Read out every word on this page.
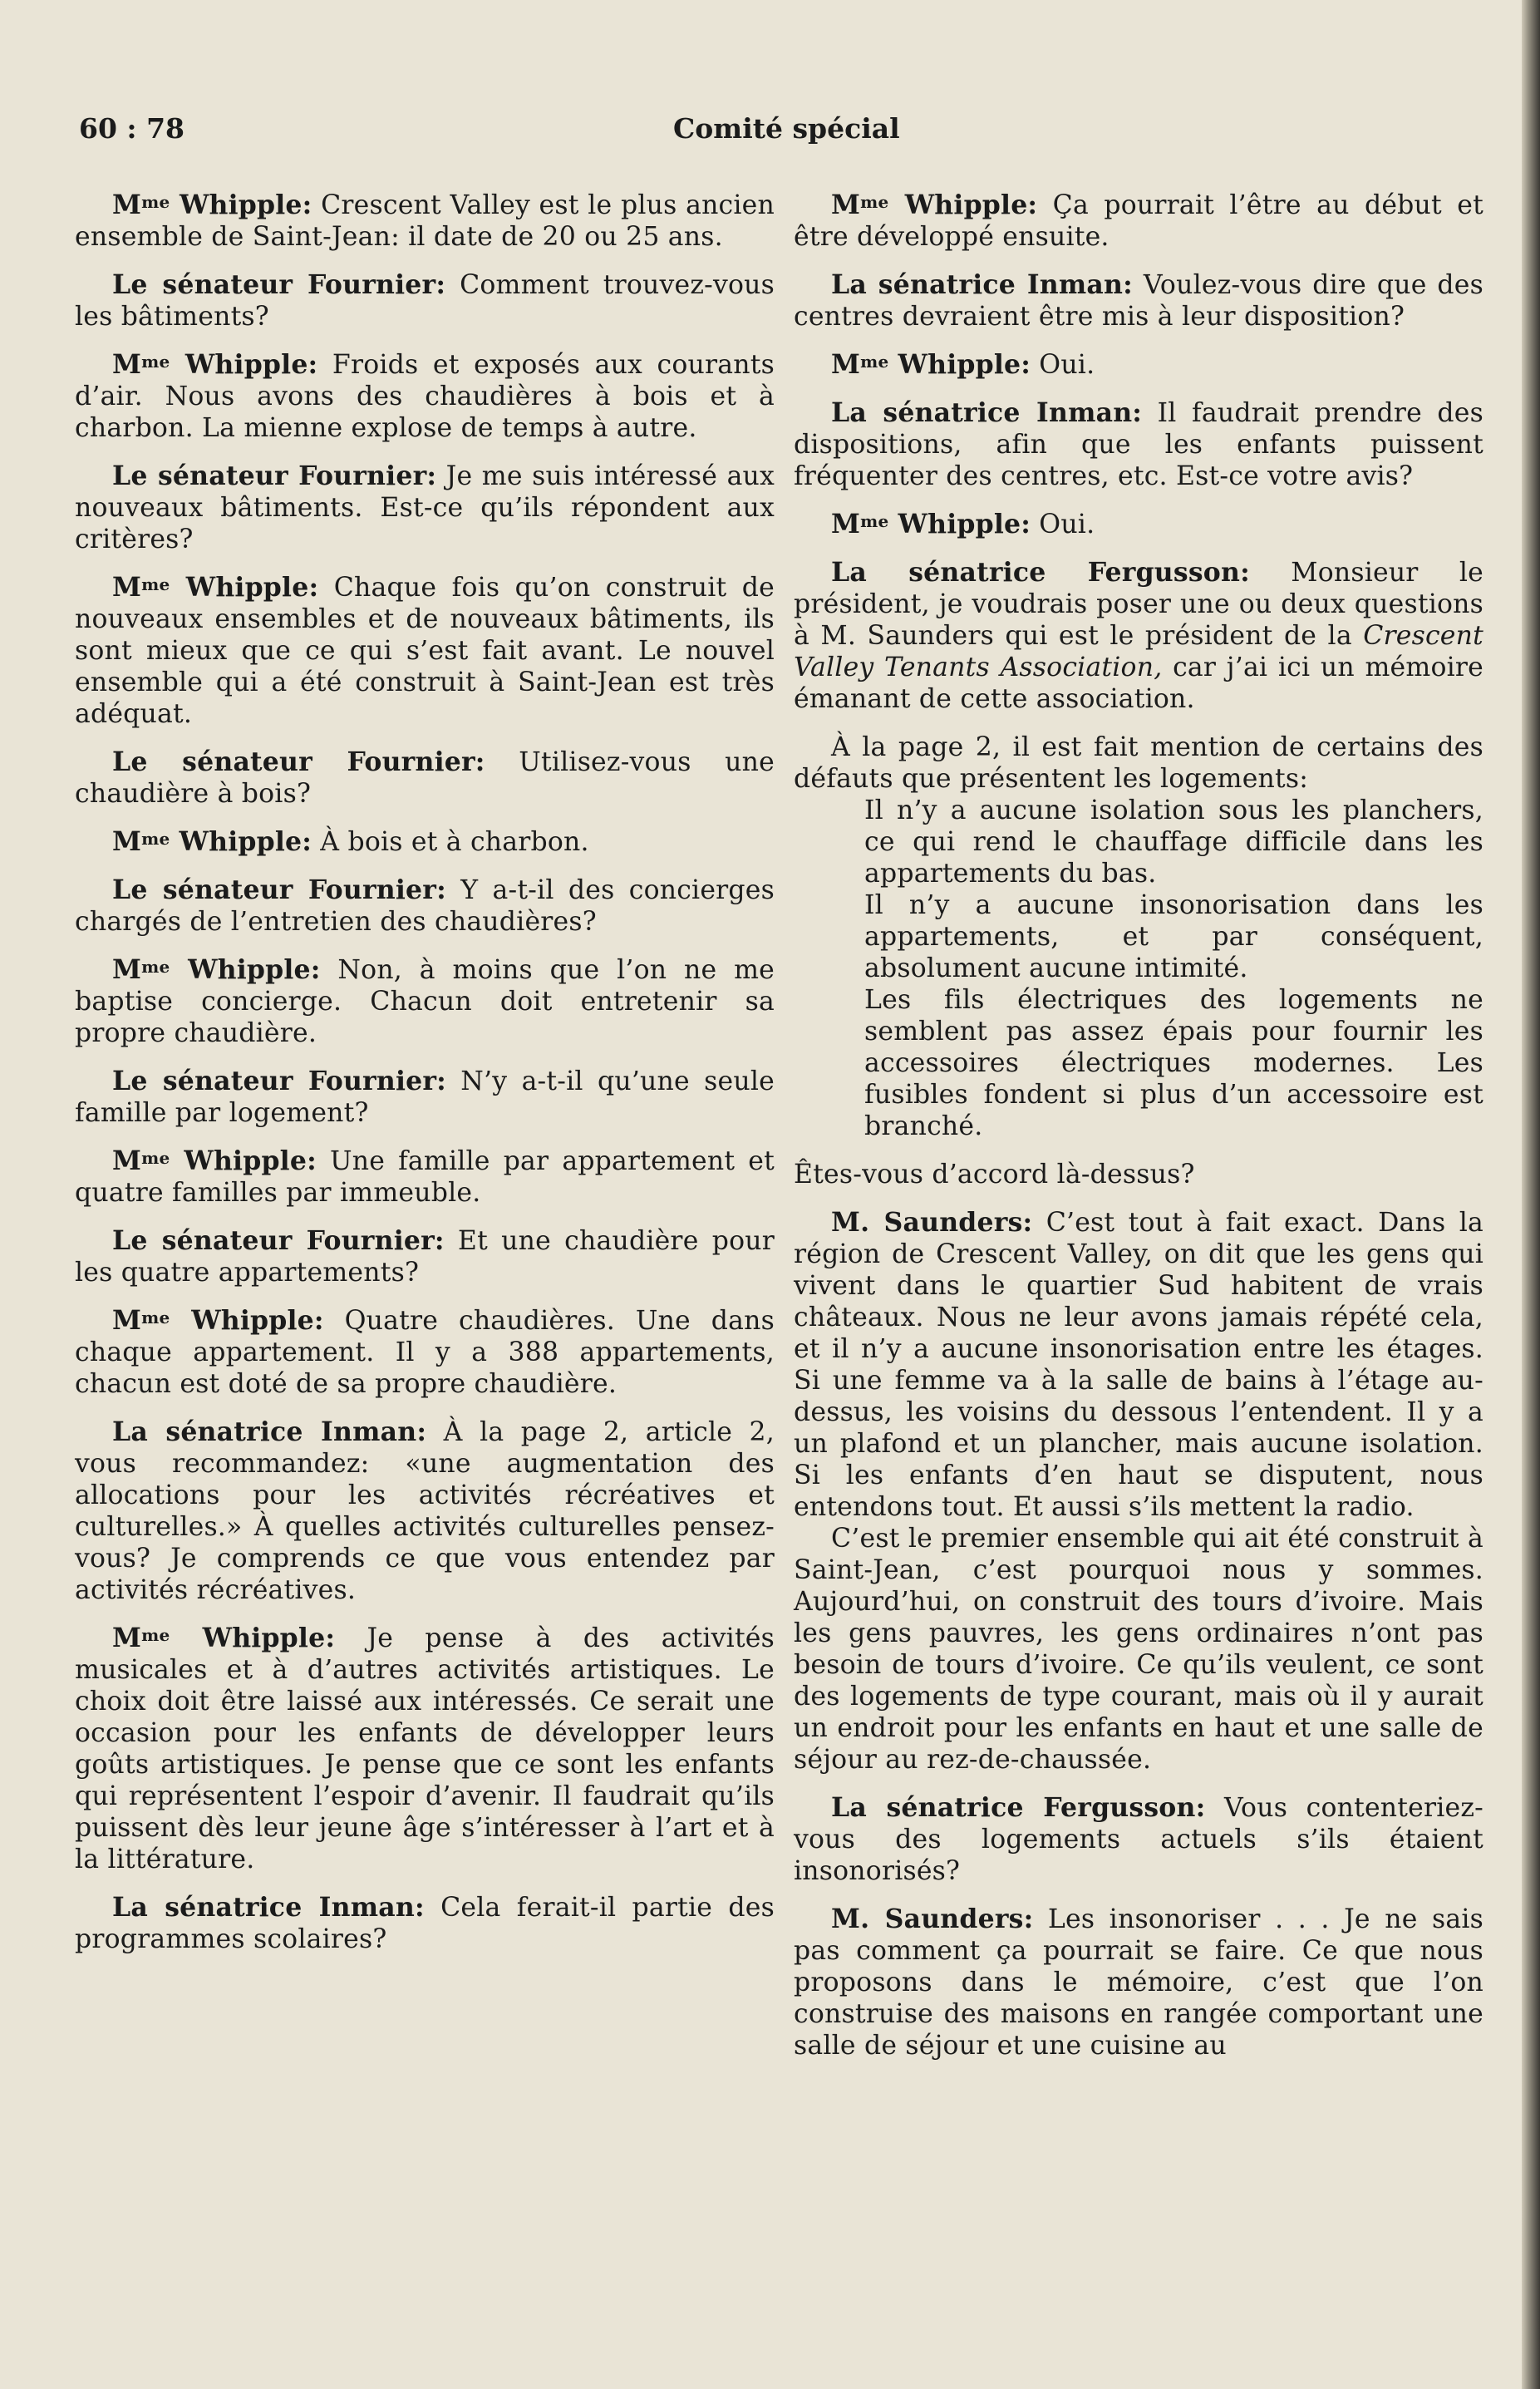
60 : 78	Comité spécial

$M^{me}$ Whipple: Crescent Valley est le plus ancien ensemble de Saint-Jean: il date de 20 ou 25 ans.

Le sénateur Fournier: Comment trouvez-vous les bâtiments?

$M^{me}$ Whipple: Froids et exposés aux courants d’air. Nous avons des chaudières à bois et à charbon. La mienne explose de temps à autre.

Le sénateur Fournier: Je me suis intéressé aux nouveaux bâtiments. Est-ce qu’ils répondent aux critères?

$M^{me}$ Whipple: Chaque fois qu’on construit de nouveaux ensembles et de nouveaux bâtiments, ils sont mieux que ce qui s’est fait avant. Le nouvel ensemble qui a été construit à Saint-Jean est très adéquat.

Le sénateur Fournier: Utilisez-vous une chaudière à bois?

$M^{me}$ Whipple: À bois et à charbon.

Le sénateur Fournier: Y a-t-il des concierges chargés de l’entretien des chaudières?

$M^{me}$ Whipple: Non, à moins que l’on ne me baptise concierge. Chacun doit entretenir sa propre chaudière.

Le sénateur Fournier: N’y a-t-il qu’une seule famille par logement?

$M^{me}$ Whipple: Une famille par appartement et quatre familles par immeuble.

Le sénateur Fournier: Et une chaudière pour les quatre appartements?

$M^{me}$ Whipple: Quatre chaudières. Une dans chaque appartement. Il y a 388 appartements, chacun est doté de sa propre chaudière.

La sénatrice Inman: À la page 2, article 2, vous recommandez: «une augmentation des allocations pour les activités récréatives et culturelles.» À quelles activités culturelles pensez-vous? Je comprends ce que vous entendez par activités récréatives.

$M^{me}$ Whipple: Je pense à des activités musicales et à d’autres activités artistiques. Le choix doit être laissé aux intéressés. Ce serait une occasion pour les enfants de développer leurs goûts artistiques. Je pense que ce sont les enfants qui représentent l’espoir d’avenir. Il faudrait qu’ils puissent dès leur jeune âge s’intéresser à l’art et à la littérature.

La sénatrice Inman: Cela ferait-il partie des programmes scolaires?

$M^{me}$ Whipple: Ça pourrait l’être au début et être développé ensuite.

La sénatrice Inman: Voulez-vous dire que des centres devraient être mis à leur disposition?

$M^{me}$ Whipple: Oui.

La sénatrice Inman: Il faudrait prendre des dispositions, afin que les enfants puissent fréquenter des centres, etc. Est-ce votre avis?

$M^{me}$ Whipple: Oui.

La sénatrice Fergusson: Monsieur le président, je voudrais poser une ou deux questions à M. Saunders qui est le président de la Crescent Valley Tenants Association, car j’ai ici un mémoire émanant de cette association.

À la page 2, il est fait mention de certains des défauts que présentent les logements:

Il n’y a aucune isolation sous les planchers, ce qui rend le chauffage difficile dans les appartements du bas.

Il n’y a aucune insonorisation dans les appartements, et par conséquent, absolument aucune intimité.

Les fils électriques des logements ne semblent pas assez épais pour fournir les accessoires électriques modernes. Les fusibles fondent si plus d’un accessoire est branché.

Êtes-vous d’accord là-dessus?

M. Saunders: C’est tout à fait exact. Dans la région de Crescent Valley, on dit que les gens qui vivent dans le quartier Sud habitent de vrais châteaux. Nous ne leur avons jamais répété cela, et il n’y a aucune insonorisation entre les étages. Si une femme va à la salle de bains à l’étage au-dessus, les voisins du dessous l’entendent. Il y a un plafond et un plancher, mais aucune isolation. Si les enfants d’en haut se disputent, nous entendons tout. Et aussi s’ils mettent la radio.

C’est le premier ensemble qui ait été construit à Saint-Jean, c’est pourquoi nous y sommes. Aujourd’hui, on construit des tours d’ivoire. Mais les gens pauvres, les gens ordinaires n’ont pas besoin de tours d’ivoire. Ce qu’ils veulent, ce sont des logements de type courant, mais où il y aurait un endroit pour les enfants en haut et une salle de séjour au rez-de-chaussée.

La sénatrice Fergusson: Vous contenteriez-vous des logements actuels s’ils étaient insonorisés?

M. Saunders: Les insonoriser . . . Je ne sais pas comment ça pourrait se faire. Ce que nous proposons dans le mémoire, c’est que l’on construise des maisons en rangée comportant une salle de séjour et une cuisine au
